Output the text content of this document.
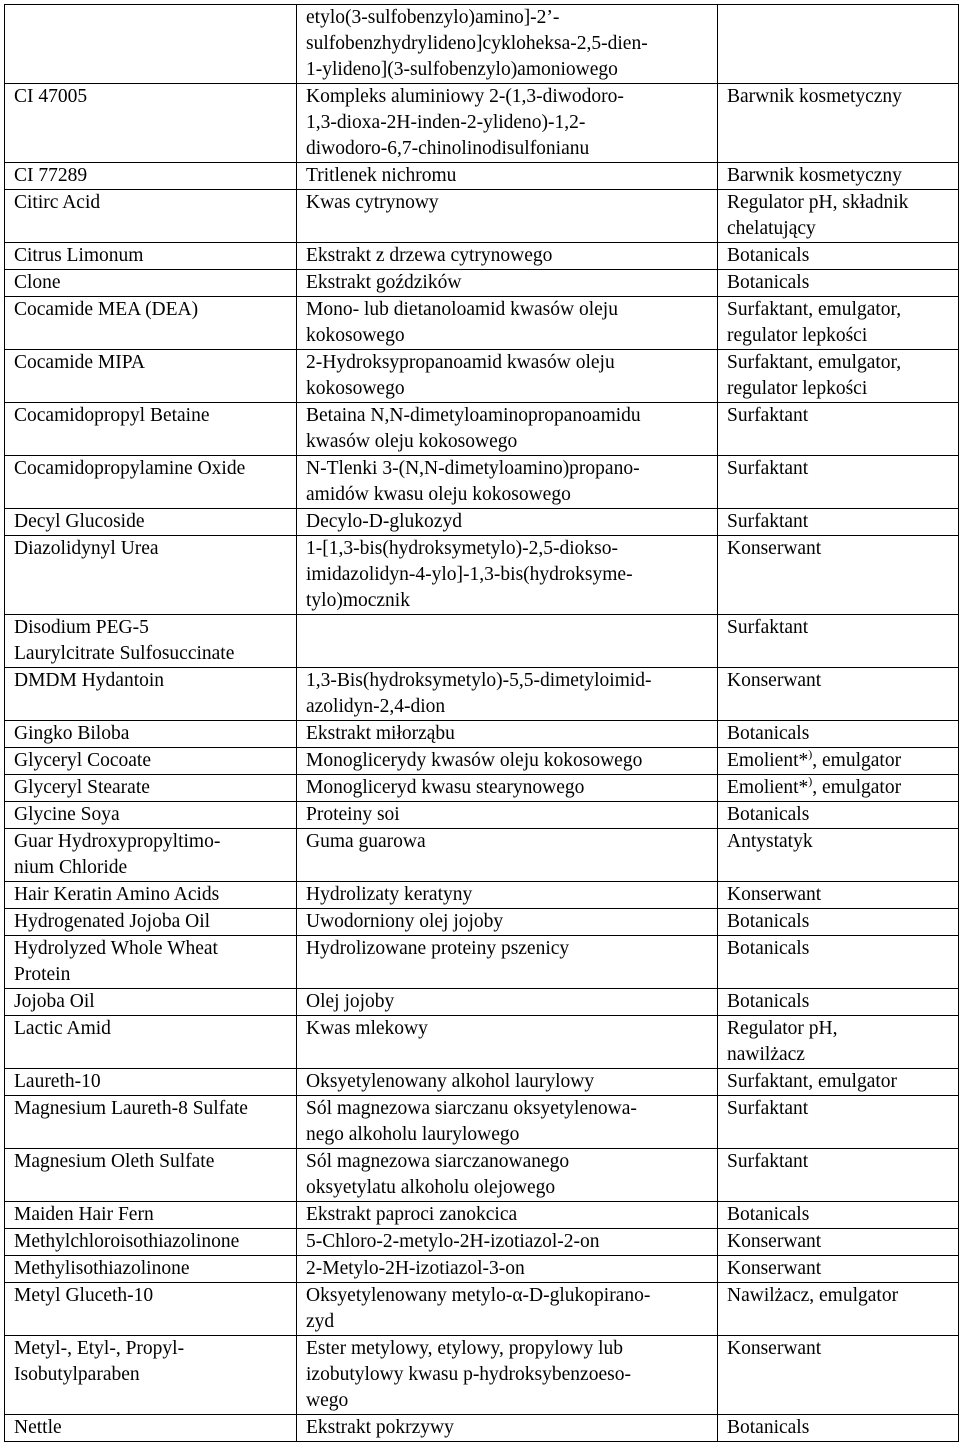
	etylo(3-sulfobenzylo)amino]-2’-
sulfobenzhydrylideno]cykloheksa-2,5-dien-
1-ylideno](3-sulfobenzylo)amoniowego	
CI 47005	Kompleks aluminiowy 2-(1,3-diwodoro-
1,3-dioxa-2H-inden-2-ylideno)-1,2-
diwodoro-6,7-chinolinodisulfonianu	Barwnik kosmetyczny
CI 77289	Tritlenek nichromu	Barwnik kosmetyczny
Citirc Acid	Kwas cytrynowy	Regulator pH, składnik
chelatujący
Citrus Limonum	Ekstrakt z drzewa cytrynowego	Botanicals
Clone	Ekstrakt goździków	Botanicals
Cocamide MEA (DEA)	Mono- lub dietanoloamid kwasów oleju
kokosowego	Surfaktant, emulgator,
regulator lepkości
Cocamide MIPA	2-Hydroksypropanoamid kwasów oleju
kokosowego	Surfaktant, emulgator,
regulator lepkości
Cocamidopropyl Betaine	Betaina N,N-dimetyloaminopropanoamidu
kwasów oleju kokosowego	Surfaktant
Cocamidopropylamine Oxide	N-Tlenki 3-(N,N-dimetyloamino)propano-
amidów kwasu oleju kokosowego	Surfaktant
Decyl Glucoside	Decylo-D-glukozyd	Surfaktant
Diazolidynyl Urea	1-[1,3-bis(hydroksymetylo)-2,5-diokso-
imidazolidyn-4-ylo]-1,3-bis(hydroksyme-
tylo)mocznik	Konserwant
Disodium PEG-5
Laurylcitrate Sulfosuccinate		Surfaktant
DMDM Hydantoin	1,3-Bis(hydroksymetylo)-5,5-dimetyloimid-
azolidyn-2,4-dion	Konserwant
Gingko Biloba	Ekstrakt miłorząbu	Botanicals
Glyceryl Cocoate	Monoglicerydy kwasów oleju kokosowego	Emolient*), emulgator
Glyceryl Stearate	Monogliceryd kwasu stearynowego	Emolient*), emulgator
Glycine Soya	Proteiny soi	Botanicals
Guar Hydroxypropyltimo-
nium Chloride	Guma guarowa	Antystatyk
Hair Keratin Amino Acids	Hydrolizaty keratyny	Konserwant
Hydrogenated Jojoba Oil	Uwodorniony olej jojoby	Botanicals
Hydrolyzed Whole Wheat
Protein	Hydrolizowane proteiny pszenicy	Botanicals
Jojoba Oil	Olej jojoby	Botanicals
Lactic Amid	Kwas mlekowy	Regulator pH,
nawilżacz
Laureth-10	Oksyetylenowany alkohol laurylowy	Surfaktant, emulgator
Magnesium Laureth-8 Sulfate	Sól magnezowa siarczanu oksyetylenowa-
nego alkoholu laurylowego	Surfaktant
Magnesium Oleth Sulfate	Sól magnezowa siarczanowanego
oksyetylatu alkoholu olejowego	Surfaktant
Maiden Hair Fern	Ekstrakt paproci zanokcica	Botanicals
Methylchloroisothiazolinone	5-Chloro-2-metylo-2H-izotiazol-2-on	Konserwant
Methylisothiazolinone	2-Metylo-2H-izotiazol-3-on	Konserwant
Metyl Gluceth-10	Oksyetylenowany metylo-α-D-glukopirano-
zyd	Nawilżacz, emulgator
Metyl-, Etyl-, Propyl-
Isobutylparaben	Ester metylowy, etylowy, propylowy lub
izobutylowy kwasu p-hydroksybenzoeso-
wego	Konserwant
Nettle	Ekstrakt pokrzywy	Botanicals
